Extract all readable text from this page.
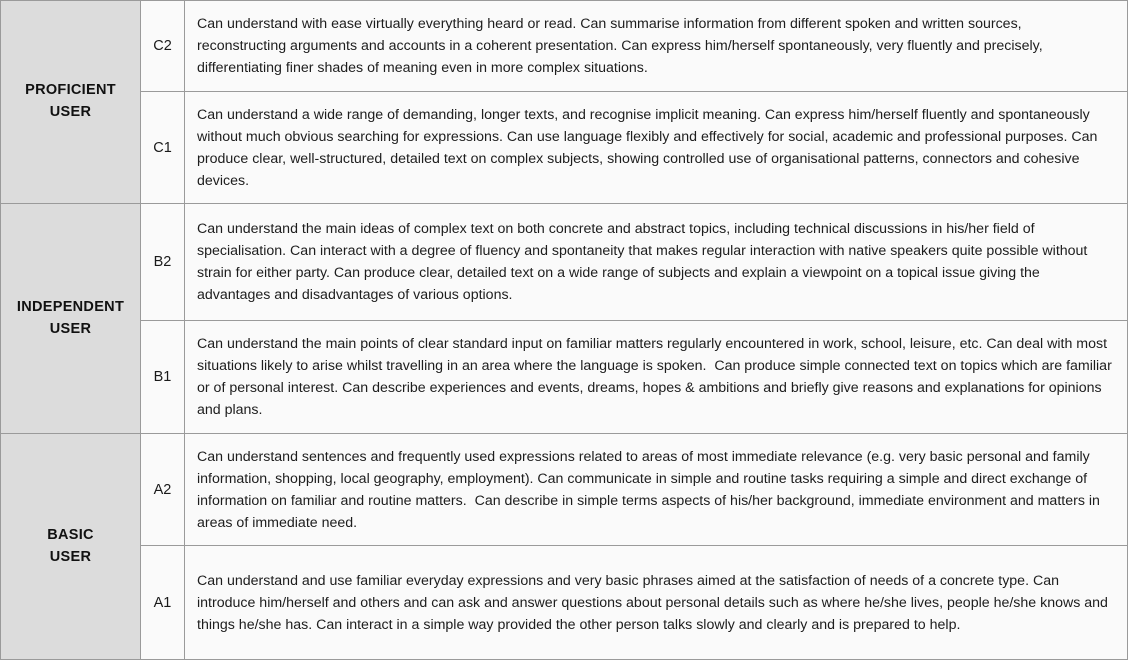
PROFICIENT
USER	C2	Can understand with ease virtually everything heard or read. Can summarise information from different spoken and written sources, reconstructing arguments and accounts in a coherent presentation. Can express him/herself spontaneously, very fluently and precisely, differentiating finer shades of meaning even in more complex situations.
	C1	Can understand a wide range of demanding, longer texts, and recognise implicit meaning. Can express him/herself fluently and spontaneously without much obvious searching for expressions. Can use language flexibly and effectively for social, academic and professional purposes. Can produce clear, well-structured, detailed text on complex subjects, showing controlled use of organisational patterns, connectors and cohesive devices.

INDEPENDENT
USER	B2	Can understand the main ideas of complex text on both concrete and abstract topics, including technical discussions in his/her field of specialisation. Can interact with a degree of fluency and spontaneity that makes regular interaction with native speakers quite possible without strain for either party. Can produce clear, detailed text on a wide range of subjects and explain a viewpoint on a topical issue giving the advantages and disadvantages of various options.
	B1	Can understand the main points of clear standard input on familiar matters regularly encountered in work, school, leisure, etc. Can deal with most situations likely to arise whilst travelling in an area where the language is spoken.  Can produce simple connected text on topics which are familiar or of personal interest. Can describe experiences and events, dreams, hopes & ambitions and briefly give reasons and explanations for opinions and plans.

BASIC
USER	A2	Can understand sentences and frequently used expressions related to areas of most immediate relevance (e.g. very basic personal and family information, shopping, local geography, employment). Can communicate in simple and routine tasks requiring a simple and direct exchange of information on familiar and routine matters.  Can describe in simple terms aspects of his/her background, immediate environment and matters in areas of immediate need.
	A1	Can understand and use familiar everyday expressions and very basic phrases aimed at the satisfaction of needs of a concrete type. Can introduce him/herself and others and can ask and answer questions about personal details such as where he/she lives, people he/she knows and things he/she has. Can interact in a simple way provided the other person talks slowly and clearly and is prepared to help.
